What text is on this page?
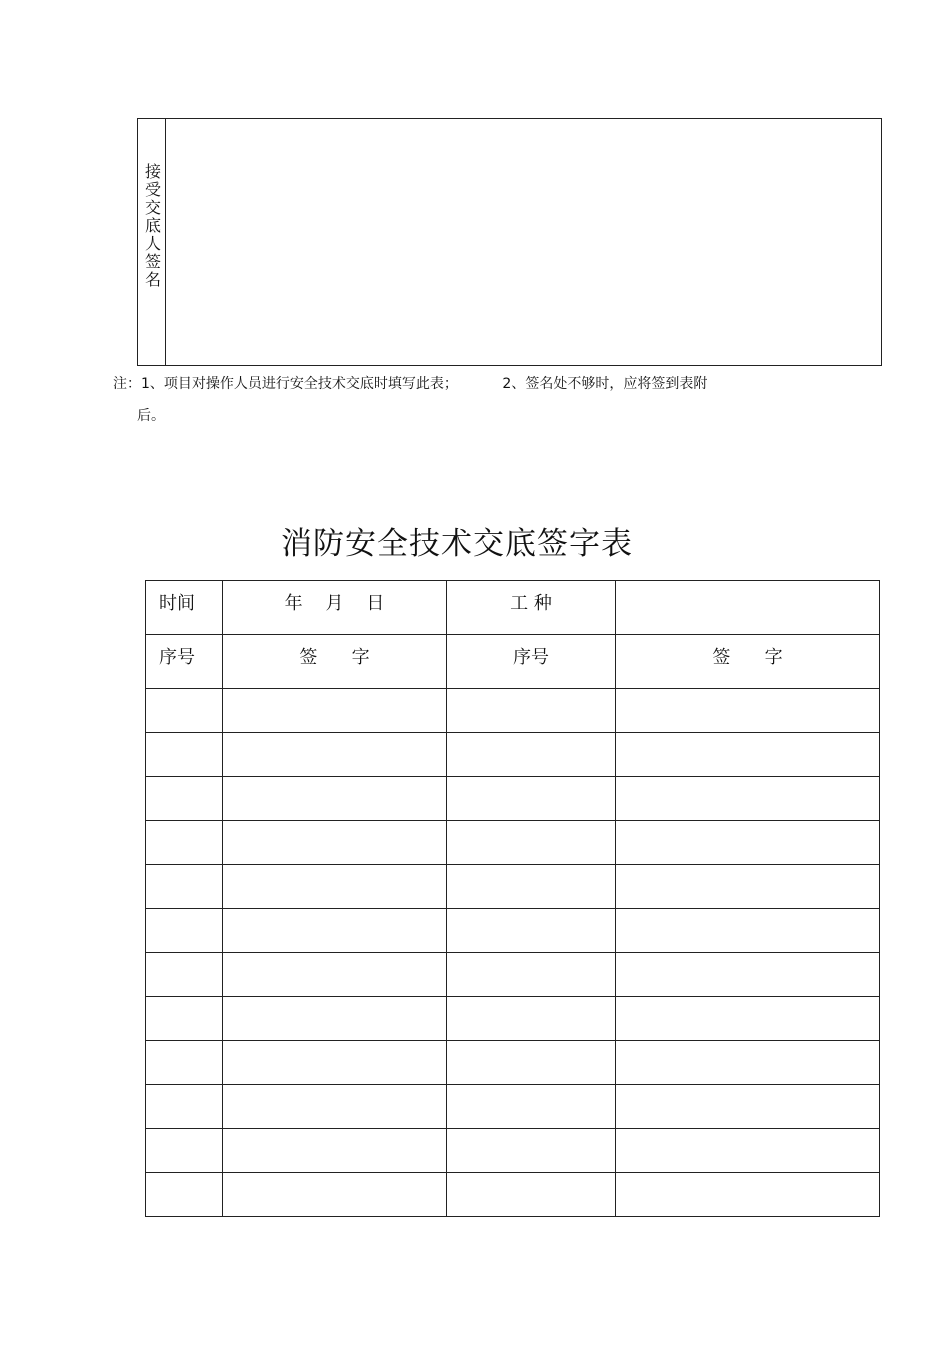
接受交底人签名
注：1、项目对操作人员进行安全技术交底时填写此表；	2、签名处不够时，应将签到表附
后。
消防安全技术交底签字表
时间	年    月    日	工 种	
序号	签      字	序号	签      字
